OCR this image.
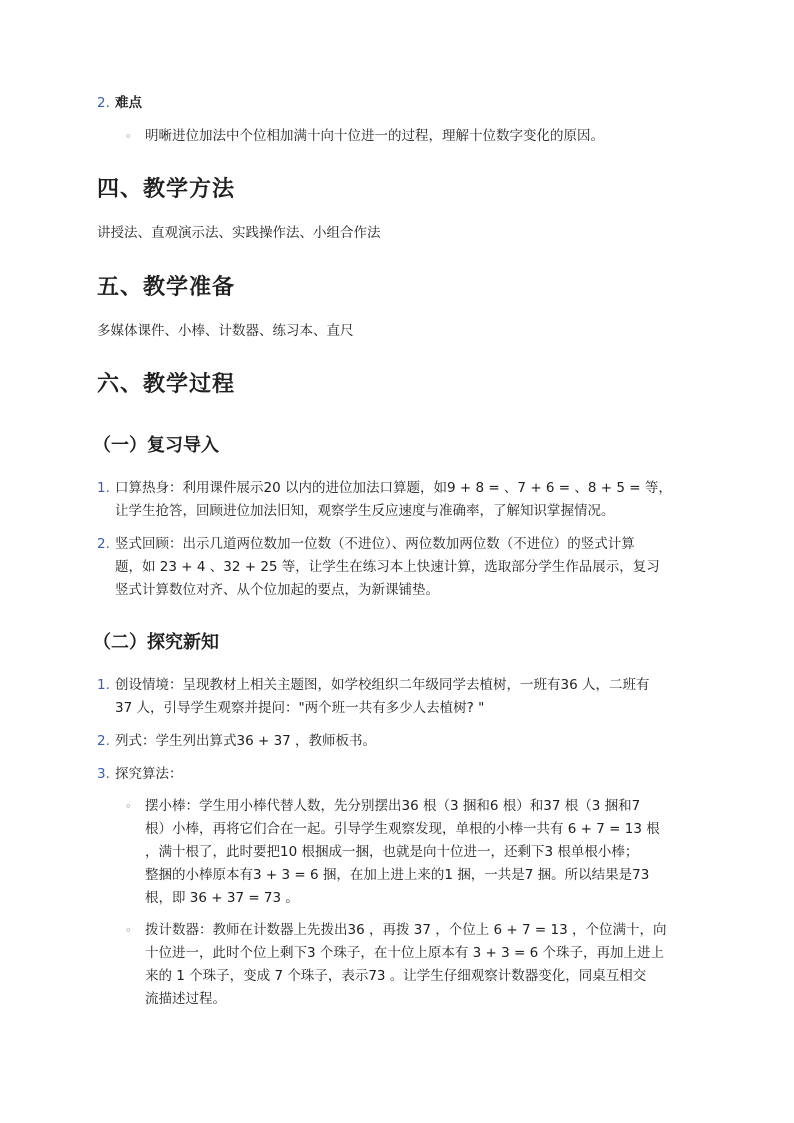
2. 难点
◦ 明晰进位加法中个位相加满十向十位进一的过程，理解十位数字变化的原因。
四、教学方法

讲授法、直观演示法、实践操作法、小组合作法

五、教学准备

多媒体课件、小棒、计数器、练习本、直尺

六、教学过程
（一）复习导入
1. 口算热身：利用课件展示20 以内的进位加法口算题，如9 + 8 = 、7 + 6 = 、8 + 5 = 等，
让学生抢答，回顾进位加法旧知，观察学生反应速度与准确率，了解知识掌握情况。
2. 竖式回顾：出示几道两位数加一位数（不进位）、两位数加两位数（不进位）的竖式计算
题，如 23 + 4 、32 + 25 等，让学生在练习本上快速计算，选取部分学生作品展示，复习
竖式计算数位对齐、从个位加起的要点，为新课铺垫。
（二）探究新知
1. 创设情境：呈现教材上相关主题图，如学校组织二年级同学去植树，一班有36 人，二班有
37 人，引导学生观察并提问："两个班一共有多少人去植树? "
2. 列式：学生列出算式36 + 37 ，教师板书。
3. 探究算法：
◦ 摆小棒：学生用小棒代替人数，先分别摆出36 根（3 捆和6 根）和37 根（3 捆和7
根）小棒，再将它们合在一起。引导学生观察发现，单根的小棒一共有 6 + 7 = 13 根
，满十根了，此时要把10 根捆成一捆，也就是向十位进一，还剩下3 根单根小棒；
整捆的小棒原本有3 + 3 = 6 捆，在加上进上来的1 捆，一共是7 捆。所以结果是73
根，即 36 + 37 = 73 。
◦ 拨计数器：教师在计数器上先拨出36 ，再拨 37 ，个位上 6 + 7 = 13 ，个位满十，向
十位进一，此时个位上剩下3 个珠子，在十位上原本有 3 + 3 = 6 个珠子，再加上进上
来的 1 个珠子，变成 7 个珠子，表示73 。让学生仔细观察计数器变化，同桌互相交
流描述过程。
